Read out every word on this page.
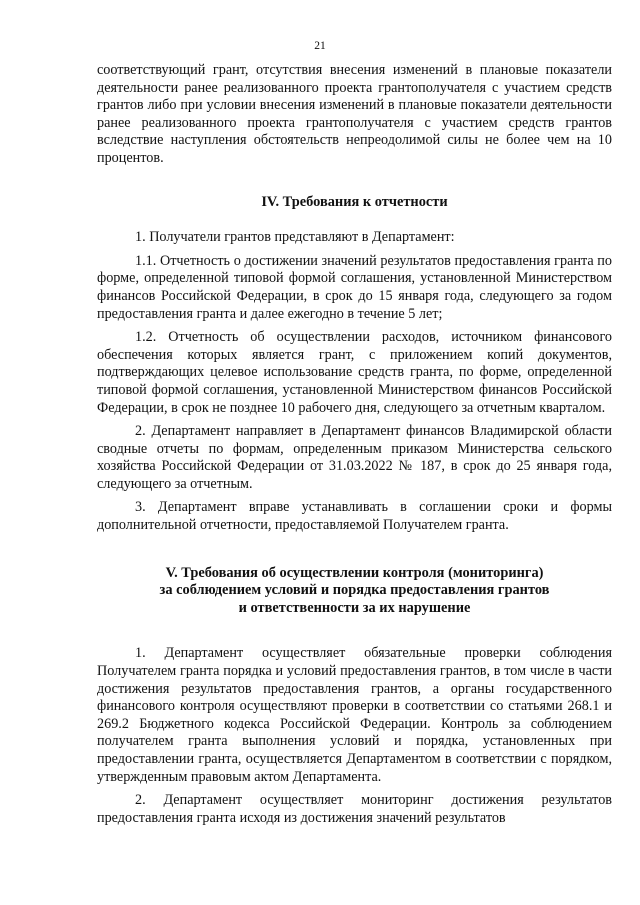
21

соответствующий грант, отсутствия внесения изменений в плановые показатели деятельности ранее реализованного проекта грантополучателя с участием средств грантов либо при условии внесения изменений в плановые показатели деятельности ранее реализованного проекта грантополучателя с участием средств грантов вследствие наступления обстоятельств непреодолимой силы не более чем на 10 процентов.

IV. Требования к отчетности

1. Получатели грантов представляют в Департамент:

1.1. Отчетность о достижении значений результатов предоставления гранта по форме, определенной типовой формой соглашения, установленной Министерством финансов Российской Федерации, в срок до 15 января года, следующего за годом предоставления гранта и далее ежегодно в течение 5 лет;

1.2. Отчетность об осуществлении расходов, источником финансового обеспечения которых является грант, с приложением копий документов, подтверждающих целевое использование средств гранта, по форме, определенной типовой формой соглашения, установленной Министерством финансов Российской Федерации, в срок не позднее 10 рабочего дня, следующего за отчетным кварталом.

2. Департамент направляет в Департамент финансов Владимирской области сводные отчеты по формам, определенным приказом Министерства сельского хозяйства Российской Федерации от 31.03.2022 № 187, в срок до 25 января года, следующего за отчетным.

3. Департамент вправе устанавливать в соглашении сроки и формы дополнительной отчетности, предоставляемой Получателем гранта.

V. Требования об осуществлении контроля (мониторинга)
за соблюдением условий и порядка предоставления грантов
и ответственности за их нарушение

1. Департамент осуществляет обязательные проверки соблюдения Получателем гранта порядка и условий предоставления грантов, в том числе в части достижения результатов предоставления грантов, а органы государственного финансового контроля осуществляют проверки в соответствии со статьями 268.1 и 269.2 Бюджетного кодекса Российской Федерации. Контроль за соблюдением получателем гранта выполнения условий и порядка, установленных при предоставлении гранта, осуществляется Департаментом в соответствии с порядком, утвержденным правовым актом Департамента.

2. Департамент осуществляет мониторинг достижения результатов предоставления гранта исходя из достижения значений результатов
